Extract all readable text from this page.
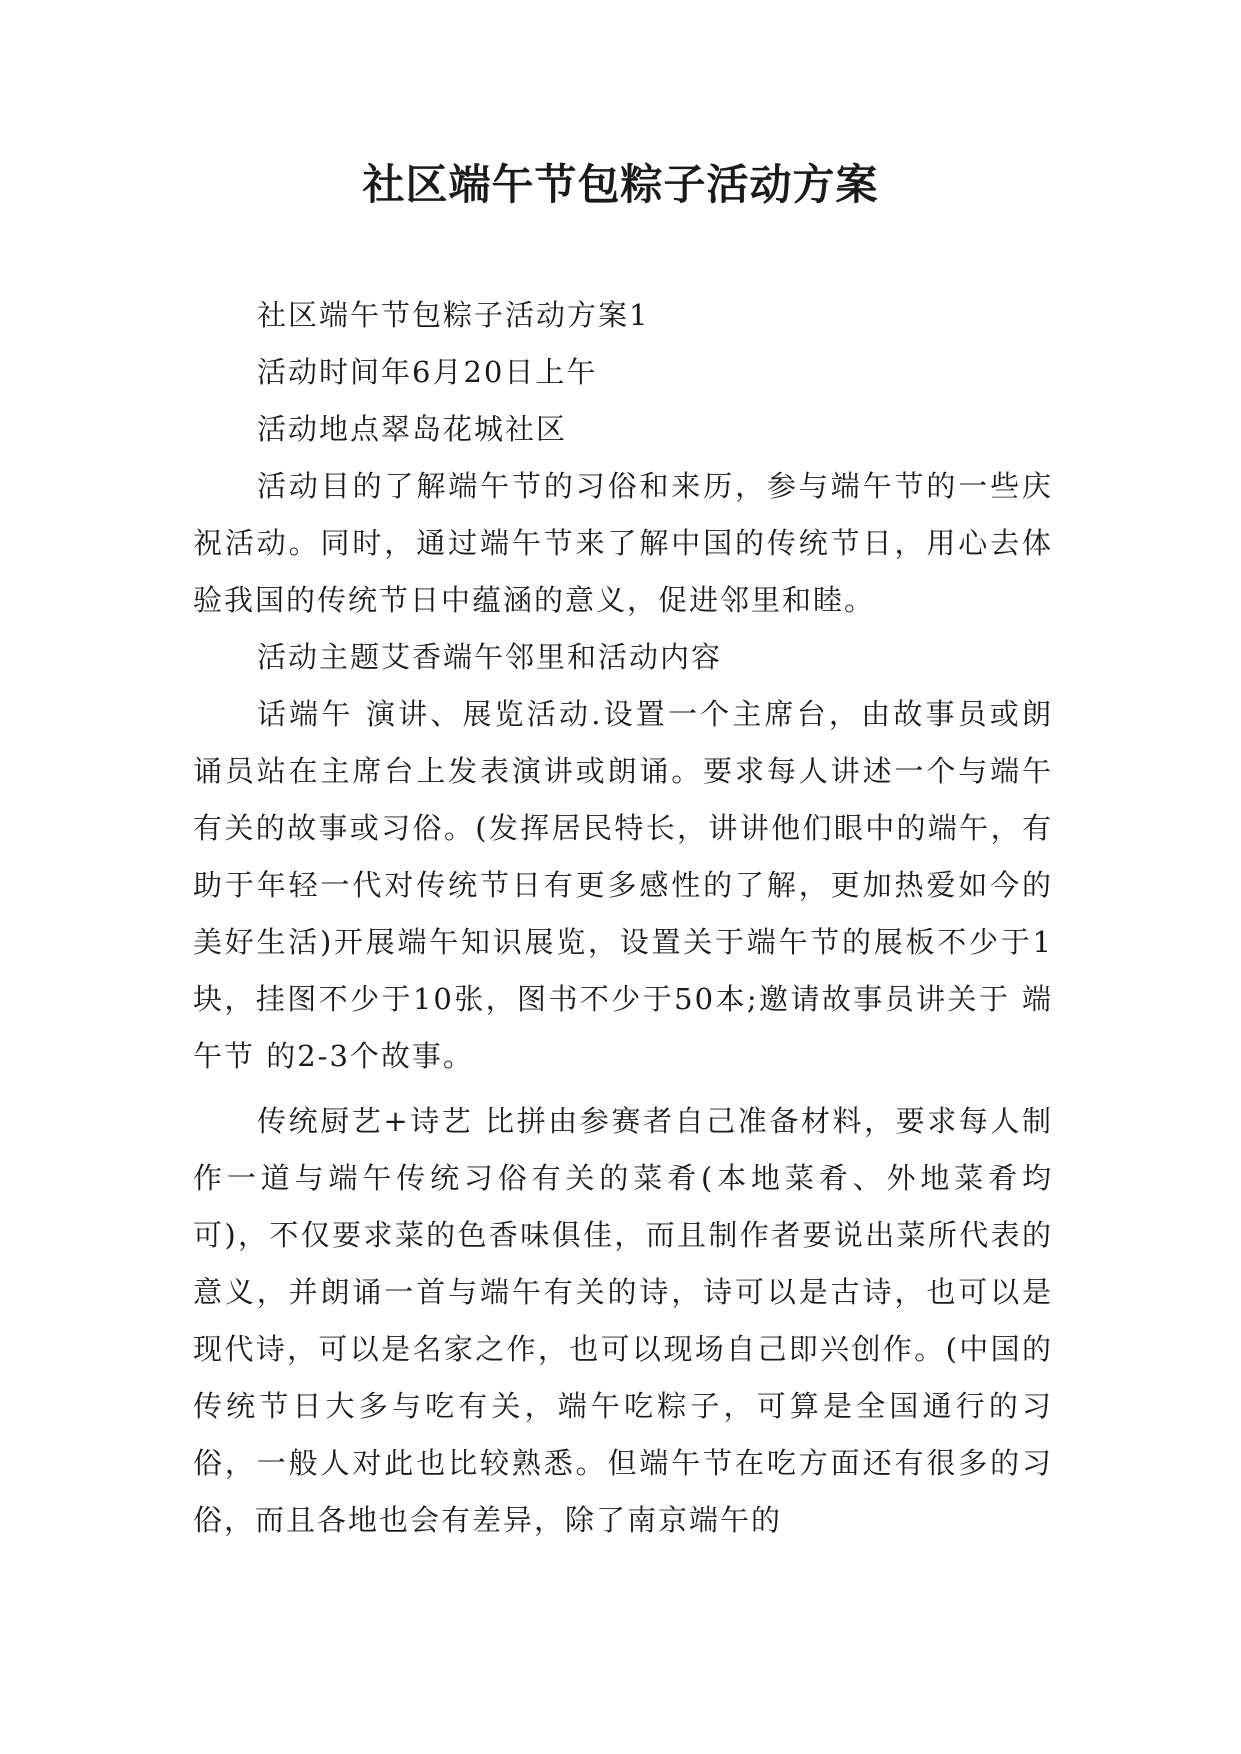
社区端午节包粽子活动方案

社区端午节包粽子活动方案1

活动时间年6月20日上午

活动地点翠岛花城社区

活动目的了解端午节的习俗和来历，参与端午节的一些庆祝活动。同时，通过端午节来了解中国的传统节日，用心去体验我国的传统节日中蕴涵的意义，促进邻里和睦。

活动主题艾香端午邻里和活动内容

话端午 演讲、展览活动.设置一个主席台，由故事员或朗诵员站在主席台上发表演讲或朗诵。要求每人讲述一个与端午有关的故事或习俗。(发挥居民特长，讲讲他们眼中的端午，有助于年轻一代对传统节日有更多感性的了解，更加热爱如今的美好生活)开展端午知识展览，设置关于端午节的展板不少于1块，挂图不少于10张，图书不少于50本;邀请故事员讲关于 端午节 的2-3个故事。

传统厨艺+诗艺 比拼由参赛者自己准备材料，要求每人制作一道与端午传统习俗有关的菜肴(本地菜肴、外地菜肴均可)，不仅要求菜的色香味俱佳，而且制作者要说出菜所代表的意义，并朗诵一首与端午有关的诗，诗可以是古诗，也可以是现代诗，可以是名家之作，也可以现场自己即兴创作。(中国的传统节日大多与吃有关，端午吃粽子，可算是全国通行的习俗，一般人对此也比较熟悉。但端午节在吃方面还有很多的习俗，而且各地也会有差异，除了南京端午的
